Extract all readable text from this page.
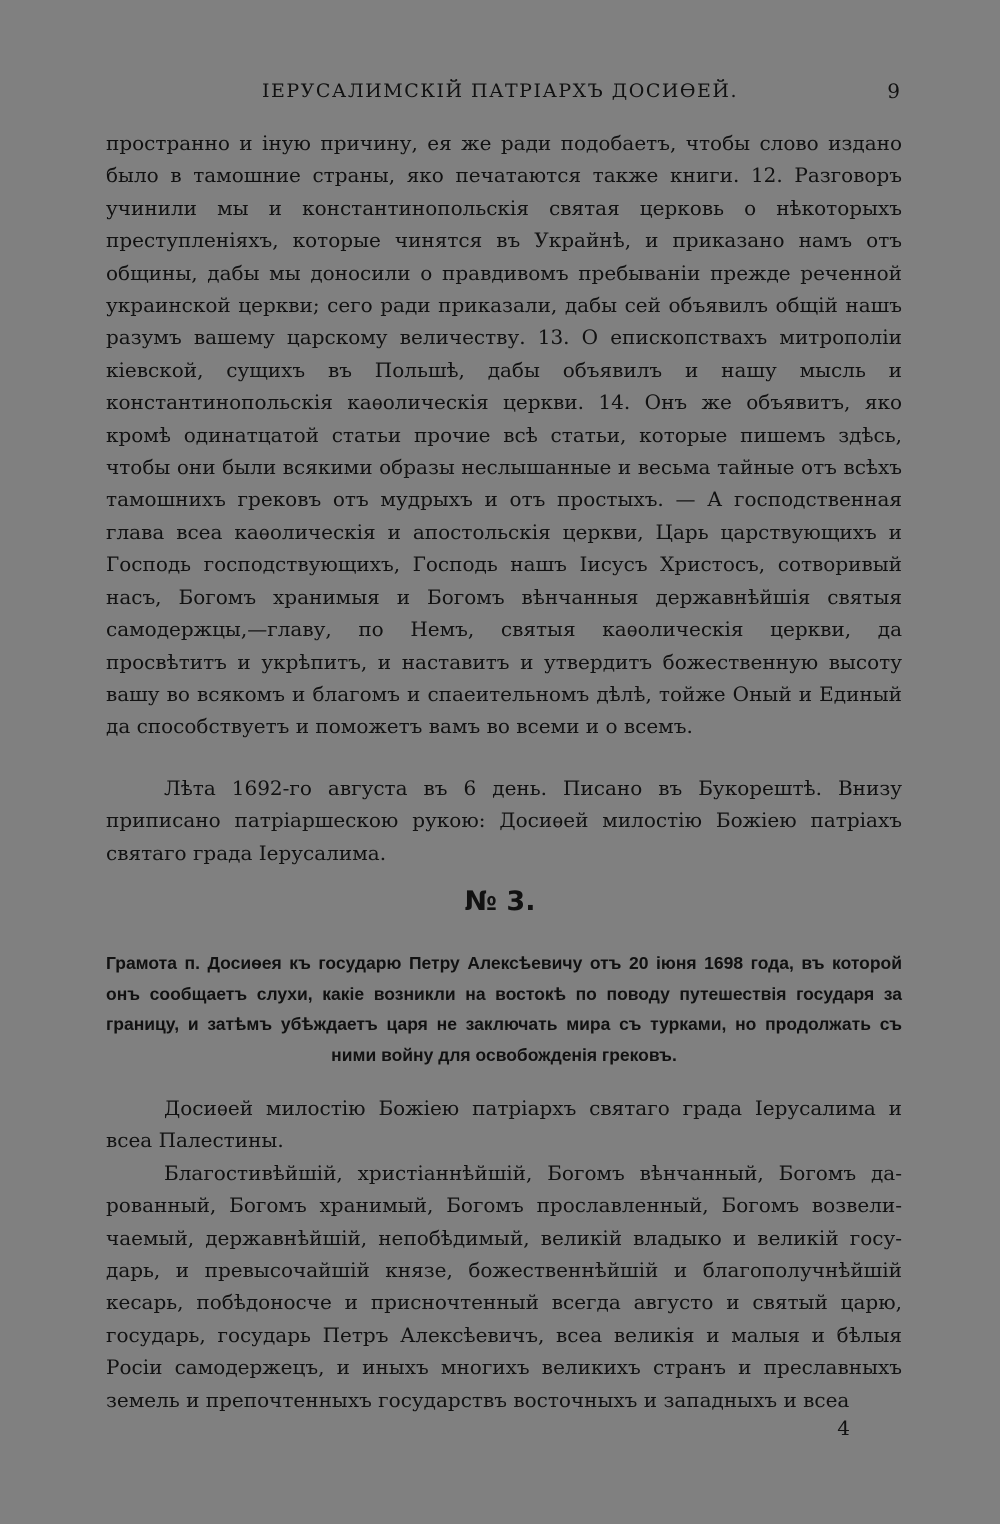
ІЕРУСАЛИМСКІЙ ПАТРІАРХЪ ДОСИѲЕЙ.	9

пространно и іную причину, ея же ради подобаетъ, чтобы слово издано было в тамошние страны, яко печатаются также книги. 12. Разговоръ учинили мы и константинопольскія святая церковь о нѣкоторыхъ преступленіяхъ, которые чинятся въ Украйнѣ, и приказано намъ отъ общины, дабы мы доносили о правдивомъ пребываніи прежде реченной украинской церкви; сего ради приказали, дабы сей объявилъ общій нашъ разумъ вашему царскому величеству. 13. О епископствахъ митрополіи кіевской, сущихъ въ Польшѣ, дабы объявилъ и нашу мысль и константинопольскія каѳолическія церкви. 14. Онъ же объявитъ, яко кромѣ одинатцатой статьи прочие всѣ статьи, которые пишемъ здѣсь, чтобы они были всякими образы неслышанные и весьма тайные отъ всѣхъ тамошнихъ грековъ отъ мудрыхъ и отъ простыхъ. — А господственная глава всеа каѳолическія и апостольскія церкви, Царь царствующихъ и Господь господствующихъ, Господь нашъ Іисусъ Христосъ, сотворивый насъ, Богомъ хранимыя и Богомъ вѣнчанныя державнѣйшія святыя самодержцы,—главу, по Немъ, святыя каѳолическія церкви, да просвѣтитъ и укрѣпитъ, и наставитъ и утвердитъ божественную высоту вашу во всякомъ и благомъ и спаеительномъ дѣлѣ, тойже Оный и Единый да способствуетъ и поможетъ вамъ во всеми и о всемъ.

Лѣта 1692-го августа въ 6 день. Писано въ Букорештѣ. Внизу приписано патріаршескою рукою: Досиѳей милостію Божіею патріахъ святаго града Іерусалима.

№ 3.
Грамота п. Досиѳея къ государю Петру Алексѣевичу отъ 20 іюня 1698 года, въ которой онъ сообщаетъ слухи, какіе возникли на востокѣ по поводу путешествія государя за границу, и затѣмъ убѣждаетъ царя не заключать мира съ турками, но продолжать съ ними войну для освобожденія грековъ.

Досиѳей милостію Божіею патріархъ святаго града Іерусалима и всеа Палестины.

Благостивѣйшій, христіаннѣйшій, Богомъ вѣнчанный, Богомъ дарованный, Богомъ хранимый, Богомъ прославленный, Богомъ возвеличаемый, державнѣйшій, непобѣдимый, великій владыко и великій государь, и превысочайшій князе, божественнѣйшій и благополучнѣйшій кесарь, побѣдоносче и присночтенный всегда августо и святый царю, государь, государь Петръ Алексѣевичъ, всеа великія и малыя и бѣлыя Росіи самодержецъ, и иныхъ многихъ великихъ странъ и преславныхъ земель и препочтенныхъ государствъ восточныхъ и западныхъ и всеа

4
